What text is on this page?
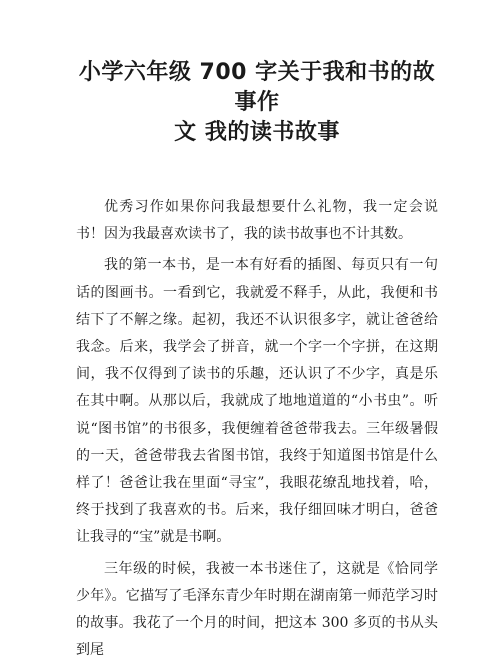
小学六年级 700 字关于我和书的故事作
文 我的读书故事

优秀习作如果你问我最想要什么礼物，我一定会说 书！因为我最喜欢读书了，我的读书故事也不计其数。

我的第一本书，是一本有好看的插图、每页只有一句话的图画书。一看到它，我就爱不释手，从此，我便和书结下了不解之缘。起初，我还不认识很多字，就让爸爸给我念。后来，我学会了拼音，就一个字一个字拼，在这期间，我不仅得到了读书的乐趣，还认识了不少字，真是乐在其中啊。从那以后，我就成了地地道道的“小书虫”。听说“图书馆”的书很多，我便缠着爸爸带我去。三年级暑假的一天，爸爸带我去省图书馆，我终于知道图书馆是什么样了！爸爸让我在里面“寻宝”，我眼花缭乱地找着，哈，终于找到了我喜欢的书。后来，我仔细回味才明白，爸爸让我寻的“宝”就是书啊。

三年级的时候，我被一本书迷住了，这就是《恰同学少年》。它描写了毛泽东青少年时期在湖南第一师范学习时的故事。我花了一个月的时间，把这本 300 多页的书从头到尾
